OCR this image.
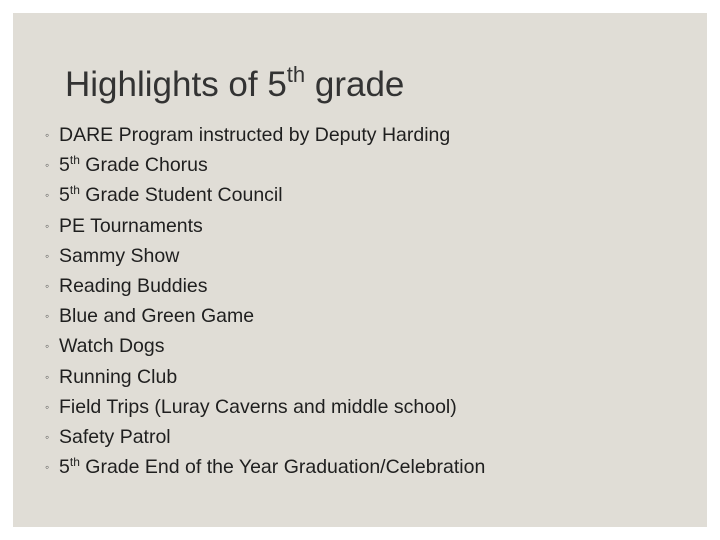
Highlights of 5th grade
◦ DARE Program instructed by Deputy Harding
◦ 5th Grade Chorus
◦ 5th Grade Student Council
◦ PE Tournaments
◦ Sammy Show
◦ Reading Buddies
◦ Blue and Green Game
◦ Watch Dogs
◦ Running Club
◦ Field Trips (Luray Caverns and middle school)
◦ Safety Patrol
◦ 5th Grade End of the Year Graduation/Celebration
